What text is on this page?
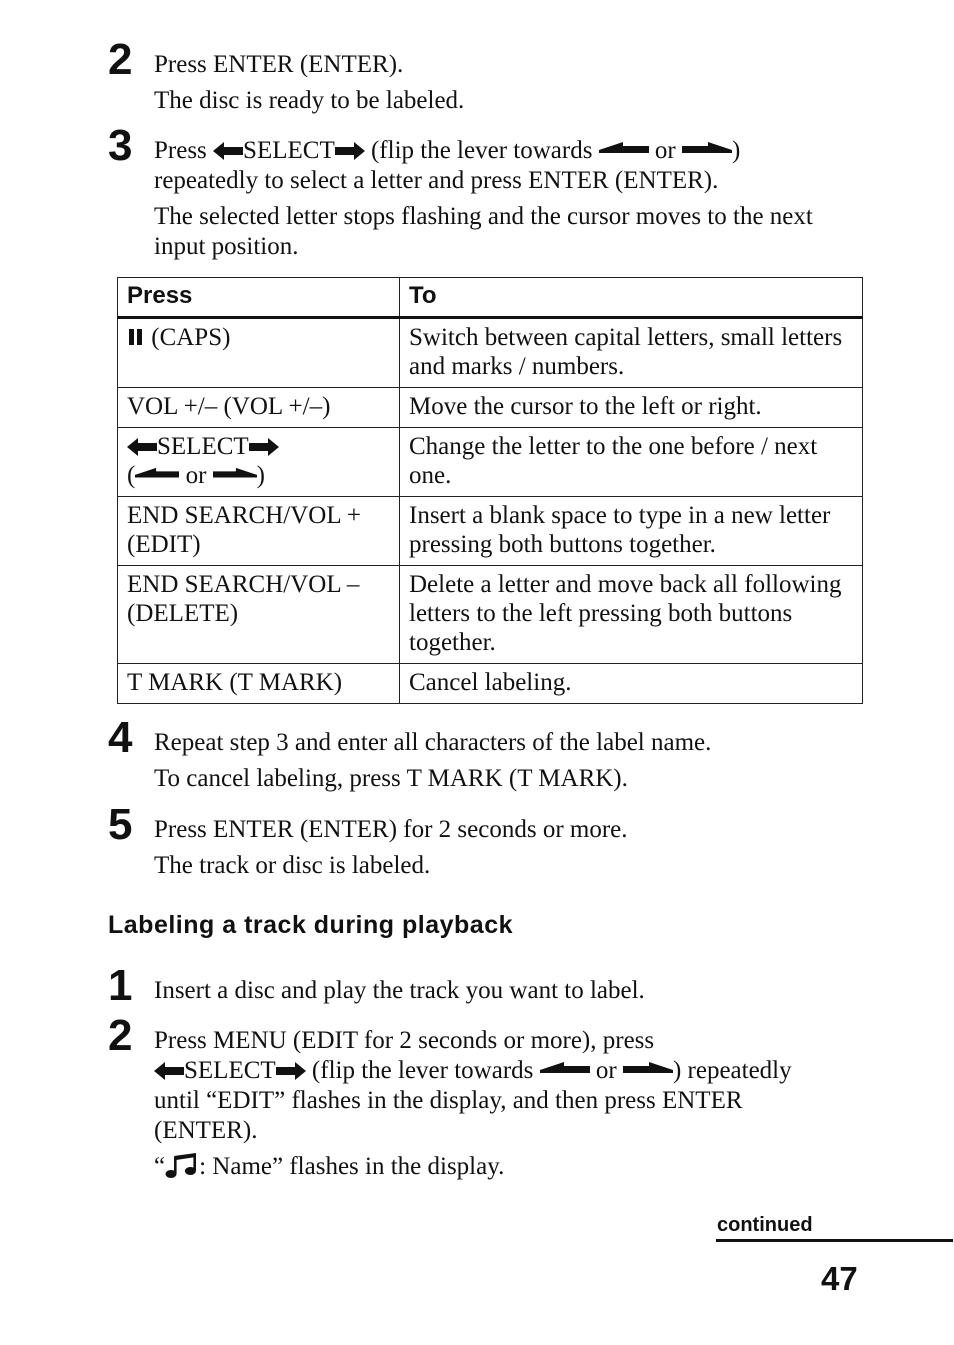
2 Press ENTER (ENTER).

The disc is ready to be labeled.

3 Press SELECT (flip the lever towards  or )
repeatedly to select a letter and press ENTER (ENTER).

The selected letter stops flashing and the cursor moves to the next input position.

Press	To
(CAPS)	Switch between capital letters, small letters and marks / numbers.
VOL +/– (VOL +/–)	Move the cursor to the left or right.
SELECT
( or )	Change the letter to the one before / next one.
END SEARCH/VOL + (EDIT)	Insert a blank space to type in a new letter pressing both buttons together.
END SEARCH/VOL – (DELETE)	Delete a letter and move back all following letters to the left pressing both buttons together.
T MARK (T MARK)	Cancel labeling.
4 Repeat step 3 and enter all characters of the label name.

To cancel labeling, press T MARK (T MARK).

5 Press ENTER (ENTER) for 2 seconds or more.

The track or disc is labeled.

Labeling a track during playback
1 Insert a disc and play the track you want to label.

2 Press MENU (EDIT for 2 seconds or more), press
SELECT (flip the lever towards  or ) repeatedly
until “EDIT” flashes in the display, and then press ENTER (ENTER).

“ : Name” flashes in the display.

continued
47
